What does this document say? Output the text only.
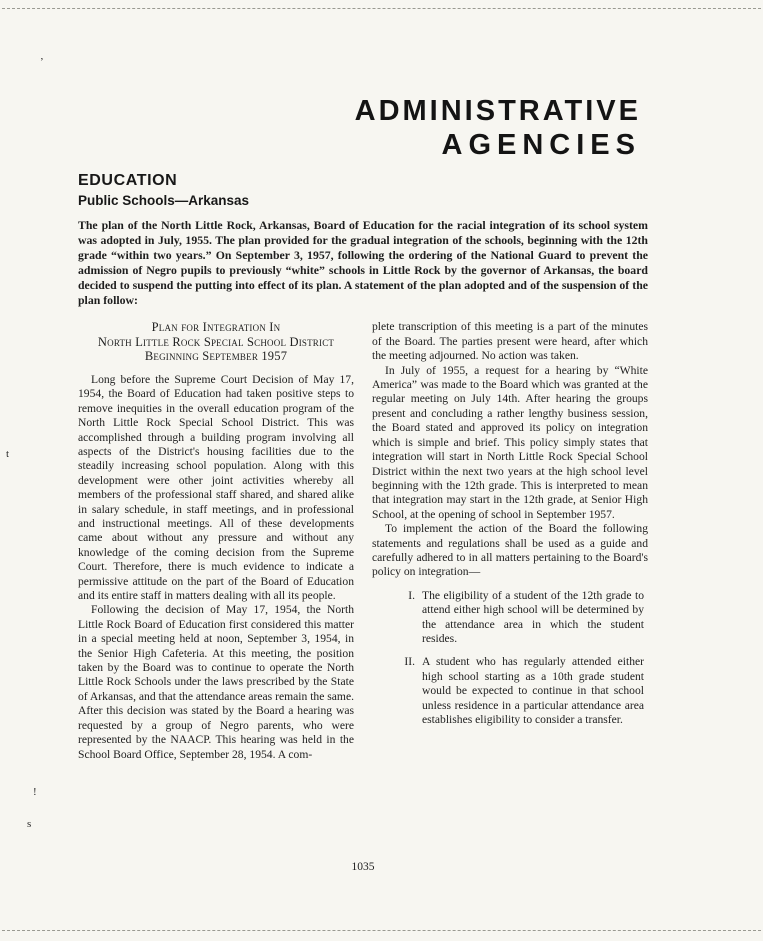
’
t
!
s
ADMINISTRATIVE
AGENCIES
EDUCATION
Public Schools—Arkansas

The plan of the North Little Rock, Arkansas, Board of Education for the racial integration of its school system was adopted in July, 1955. The plan provided for the gradual integration of the schools, beginning with the 12th grade “within two years.” On September 3, 1957, following the ordering of the National Guard to prevent the admission of Negro pupils to previously “white” schools in Little Rock by the governor of Arkansas, the board decided to suspend the putting into effect of its plan. A statement of the plan adopted and of the suspension of the plan follow:

Plan for Integration In
North Little Rock Special School District
Beginning September 1957

Long before the Supreme Court Decision of May 17, 1954, the Board of Education had taken positive steps to remove inequities in the overall education program of the North Little Rock Special School District. This was accomplished through a building program involving all aspects of the District's housing facilities due to the steadily increasing school population. Along with this development were other joint activities whereby all members of the professional staff shared, and shared alike in salary schedule, in staff meetings, and in professional and instructional meetings. All of these developments came about without any pressure and without any knowledge of the coming decision from the Supreme Court. Therefore, there is much evidence to indicate a permissive attitude on the part of the Board of Education and its entire staff in matters dealing with all its people.

Following the decision of May 17, 1954, the North Little Rock Board of Education first considered this matter in a special meeting held at noon, September 3, 1954, in the Senior High Cafeteria. At this meeting, the position taken by the Board was to continue to operate the North Little Rock Schools under the laws prescribed by the State of Arkansas, and that the attendance areas remain the same. After this decision was stated by the Board a hearing was requested by a group of Negro parents, who were represented by the NAACP. This hearing was held in the School Board Office, September 28, 1954. A com-

plete transcription of this meeting is a part of the minutes of the Board. The parties present were heard, after which the meeting adjourned. No action was taken.

In July of 1955, a request for a hearing by “White America” was made to the Board which was granted at the regular meeting on July 14th. After hearing the groups present and concluding a rather lengthy business session, the Board stated and approved its policy on integration which is simple and brief. This policy simply states that integration will start in North Little Rock Special School District within the next two years at the high school level beginning with the 12th grade. This is interpreted to mean that integration may start in the 12th grade, at Senior High School, at the opening of school in September 1957.

To implement the action of the Board the following statements and regulations shall be used as a guide and carefully adhered to in all matters pertaining to the Board's policy on integration—

I. The eligibility of a student of the 12th grade to attend either high school will be determined by the attendance area in which the student resides.
II. A student who has regularly attended either high school starting as a 10th grade student would be expected to continue in that school unless residence in a particular attendance area establishes eligibility to consider a transfer.
1035
